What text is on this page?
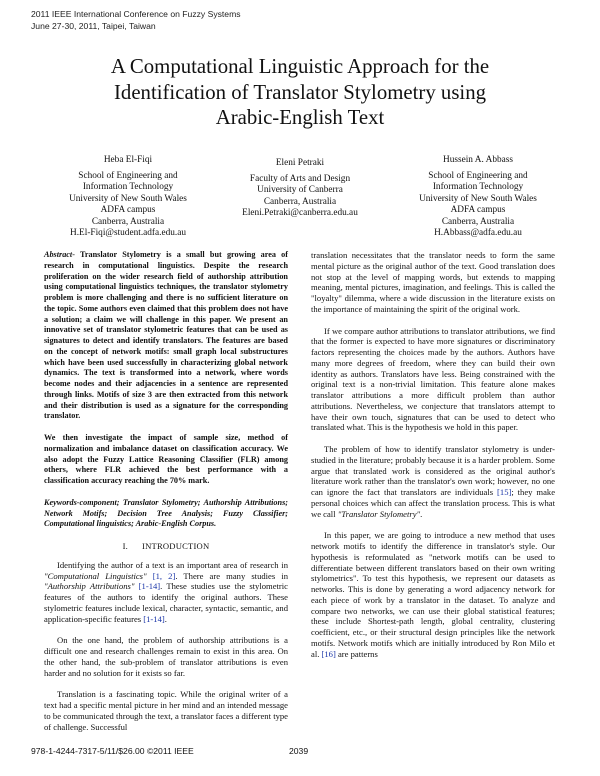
2011 IEEE International Conference on Fuzzy Systems
June 27-30, 2011, Taipei, Taiwan
A Computational Linguistic Approach for the
Identification of Translator Stylometry using
Arabic-English Text
Heba El-Fiqi
School of Engineering and
Information Technology
University of New South Wales
ADFA campus
Canberra, Australia
H.El-Fiqi@student.adfa.edu.au
Eleni Petraki
Faculty of Arts and Design
University of Canberra
Canberra, Australia
Eleni.Petraki@canberra.edu.au
Hussein A. Abbass
School of Engineering and
Information Technology
University of New South Wales
ADFA campus
Canberra, Australia
H.Abbass@adfa.edu.au

Abstract- Translator Stylometry is a small but growing area of research in computational linguistics. Despite the research proliferation on the wider research field of authorship attribution using computational linguistics techniques, the translator stylometry problem is more challenging and there is no sufficient literature on the topic. Some authors even claimed that this problem does not have a solution; a claim we will challenge in this paper. We present an innovative set of translator stylometric features that can be used as signatures to detect and identify translators. The features are based on the concept of network motifs: small graph local substructures which have been used successfully in characterizing global network dynamics. The text is transformed into a network, where words become nodes and their adjacencies in a sentence are represented through links. Motifs of size 3 are then extracted from this network and their distribution is used as a signature for the corresponding translator.

We then investigate the impact of sample size, method of normalization and imbalance dataset on classification accuracy. We also adopt the Fuzzy Lattice Reasoning Classifier (FLR) among others, where FLR achieved the best performance with a classification accuracy reaching the 70% mark.

Keywords-component; Translator Stylometry; Authorship Attributions; Network Motifs; Decision Tree Analysis; Fuzzy Classifier; Computational linguistics; Arabic-English Corpus.

I. INTRODUCTION

Identifying the author of a text is an important area of research in "Computational Linguistics" [1, 2]. There are many studies in "Authorship Attributions" [1-14]. These studies use the stylometric features of the authors to identify the original authors. These stylometric features include lexical, character, syntactic, semantic, and application-specific features [1-14].

On the one hand, the problem of authorship attributions is a difficult one and research challenges remain to exist in this area. On the other hand, the sub-problem of translator attributions is even harder and no solution for it exists so far.

Translation is a fascinating topic. While the original writer of a text had a specific mental picture in her mind and an intended message to be communicated through the text, a translator faces a different type of challenge. Successful

translation necessitates that the translator needs to form the same mental picture as the original author of the text. Good translation does not stop at the level of mapping words, but extends to mapping meaning, mental pictures, imagination, and feelings. This is called the "loyalty" dilemma, where a wide discussion in the literature exists on the importance of maintaining the spirit of the original work.

If we compare author attributions to translator attributions, we find that the former is expected to have more signatures or discriminatory factors representing the choices made by the authors. Authors have many more degrees of freedom, where they can build their own identity as authors. Translators have less. Being constrained with the original text is a non-trivial limitation. This feature alone makes translator attributions a more difficult problem than author attributions. Nevertheless, we conjecture that translators attempt to have their own touch, signatures that can be used to detect who translated what. This is the hypothesis we hold in this paper.

The problem of how to identify translator stylometry is under-studied in the literature; probably because it is a harder problem. Some argue that translated work is considered as the original author's literature work rather than the translator's own work; however, no one can ignore the fact that translators are individuals [15]; they make personal choices which can affect the translation process. This is what we call "Translator Stylometry".

In this paper, we are going to introduce a new method that uses network motifs to identify the difference in translator's style. Our hypothesis is reformulated as "network motifs can be used to differentiate between different translators based on their own writing stylometrics". To test this hypothesis, we represent our datasets as networks. This is done by generating a word adjacency network for each piece of work by a translator in the dataset. To analyze and compare two networks, we can use their global statistical features; these include Shortest-path length, global centrality, clustering coefficient, etc., or their structural design principles like the network motifs. Network motifs which are initially introduced by Ron Milo et al. [16] are patterns

978-1-4244-7317-5/11/$26.00 ©2011 IEEE	2039
